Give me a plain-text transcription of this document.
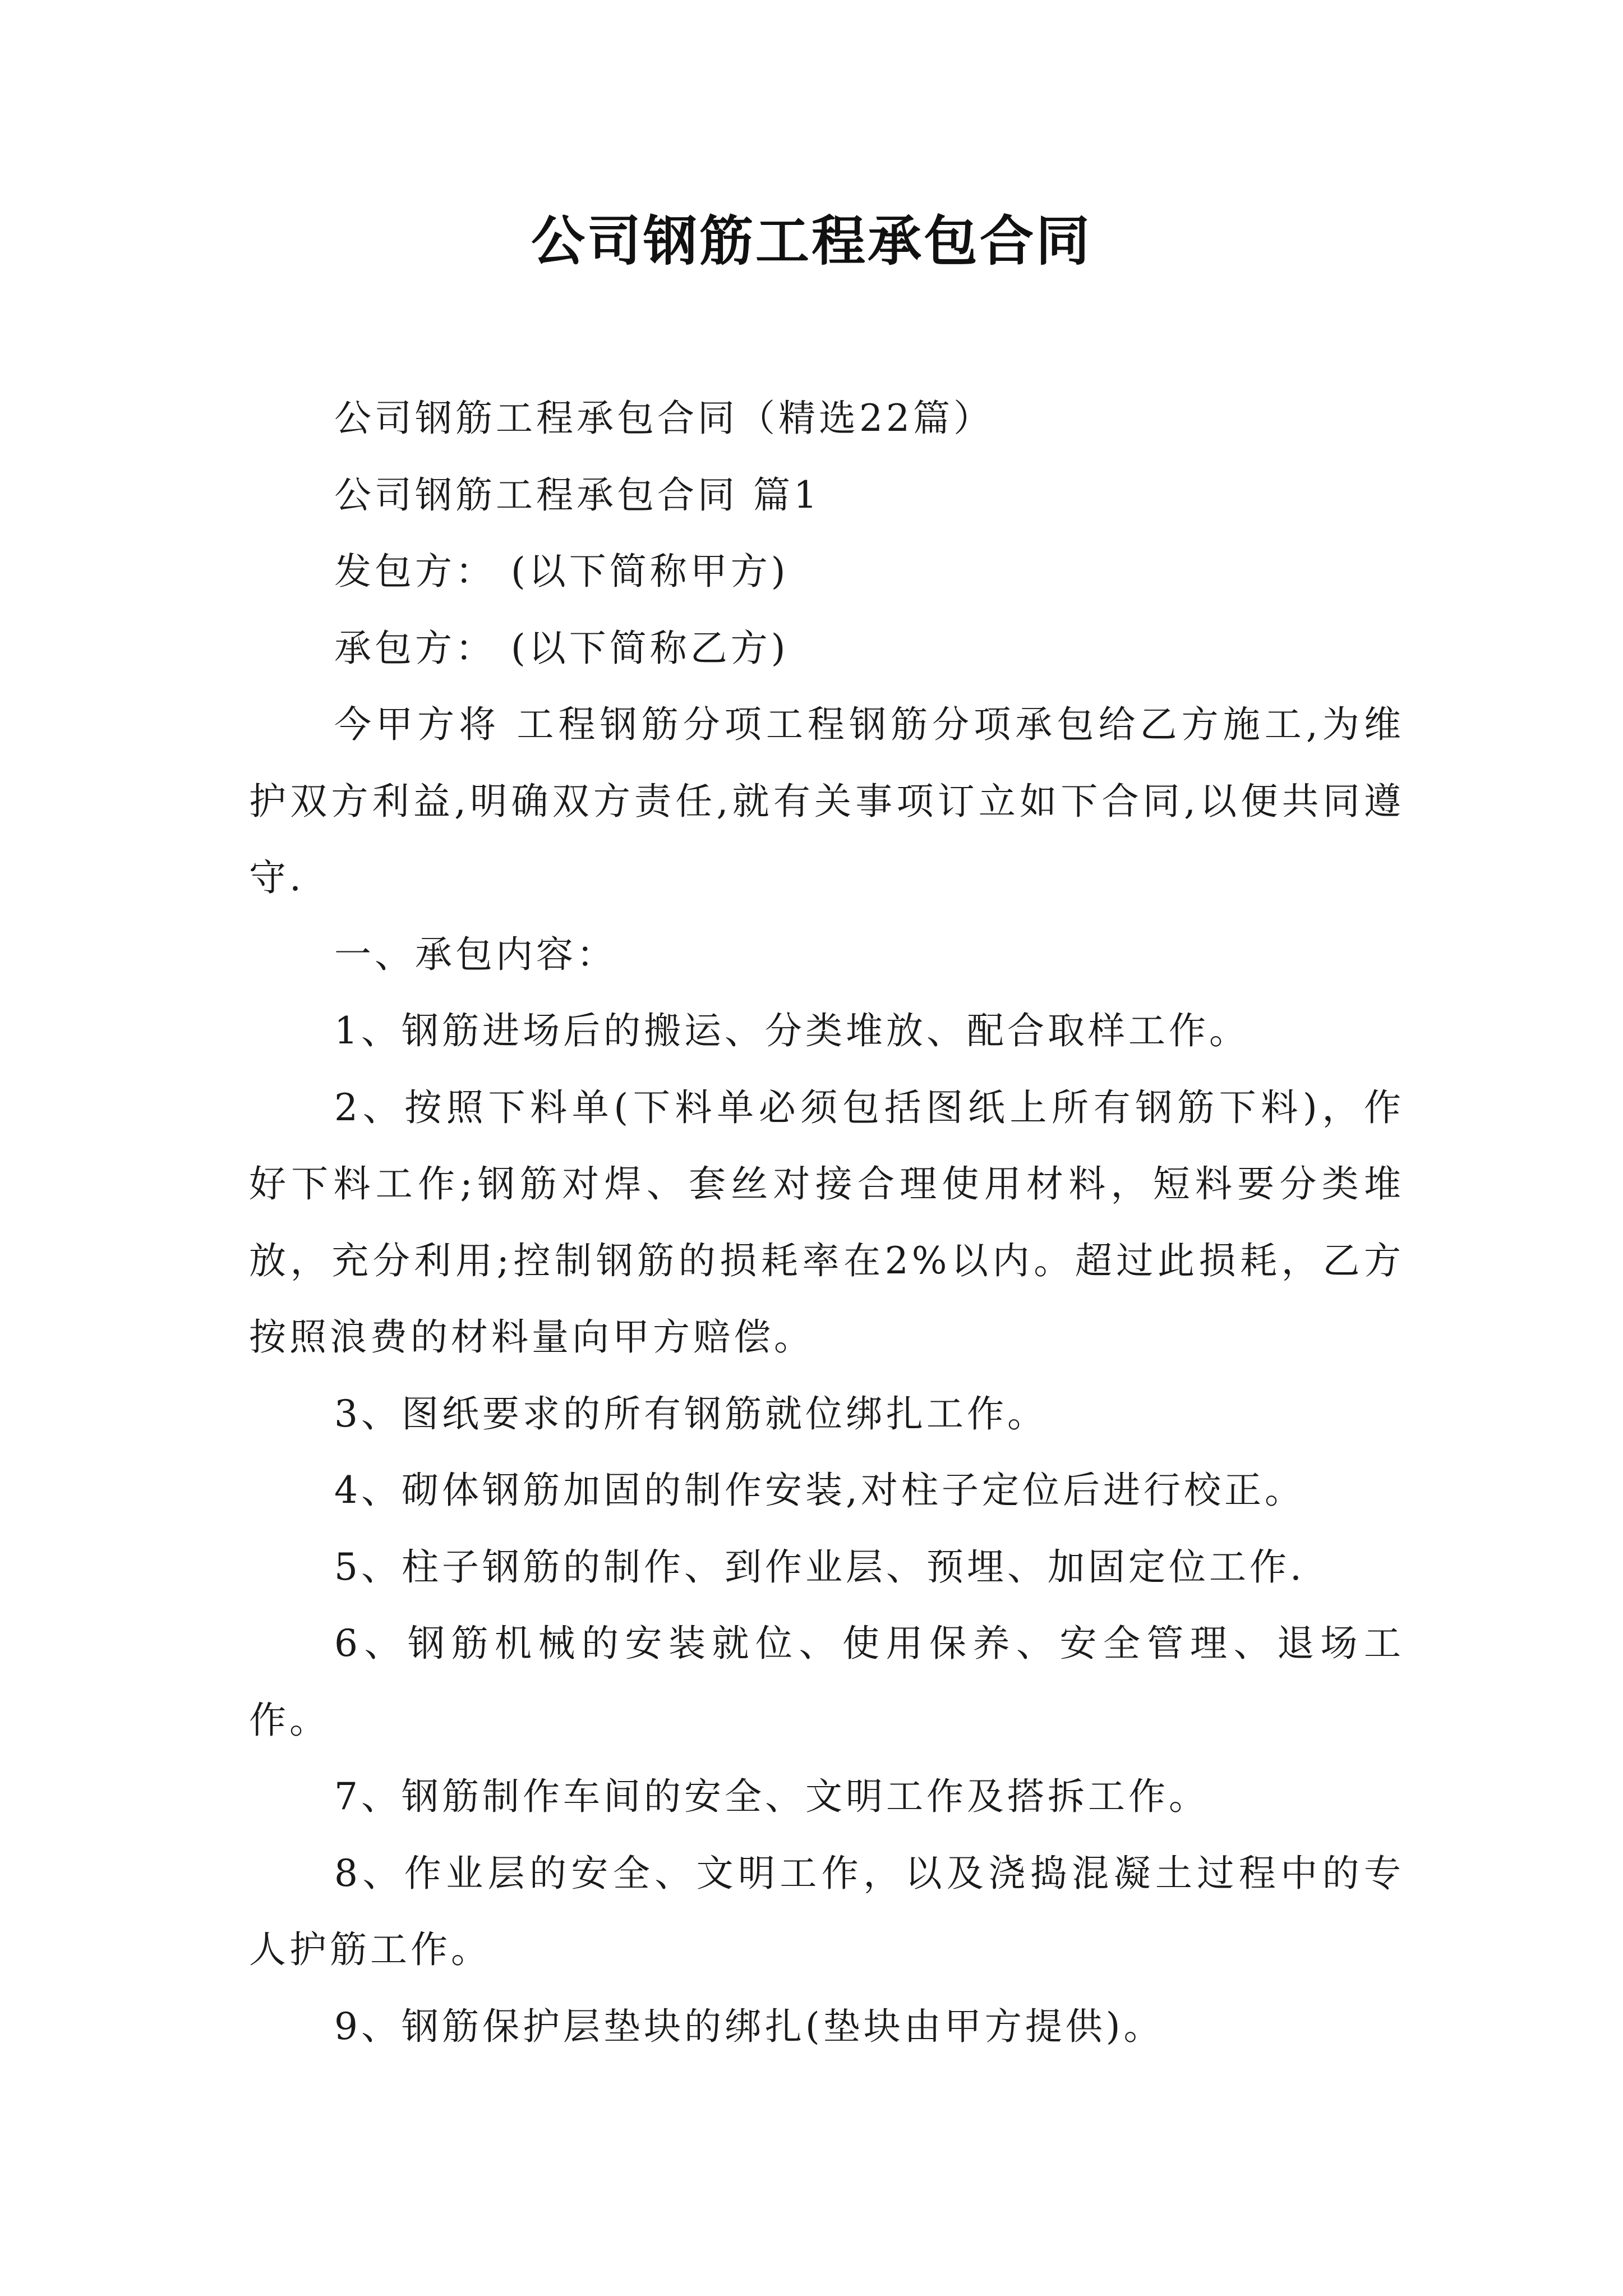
公司钢筋工程承包合同

公司钢筋工程承包合同（精选22篇）

公司钢筋工程承包合同 篇1

发包方： (以下简称甲方)

承包方： (以下简称乙方)

今甲方将 工程钢筋分项工程钢筋分项承包给乙方施工,为维护双方利益,明确双方责任,就有关事项订立如下合同,以便共同遵守.

一、承包内容：

1、钢筋进场后的搬运、分类堆放、配合取样工作。

2、按照下料单(下料单必须包括图纸上所有钢筋下料)，作好下料工作;钢筋对焊、套丝对接合理使用材料，短料要分类堆放，充分利用;控制钢筋的损耗率在2%以内。超过此损耗，乙方按照浪费的材料量向甲方赔偿。

3、图纸要求的所有钢筋就位绑扎工作。

4、砌体钢筋加固的制作安装,对柱子定位后进行校正。

5、柱子钢筋的制作、到作业层、预埋、加固定位工作.

6、钢筋机械的安装就位、使用保养、安全管理、退场工作。

7、钢筋制作车间的安全、文明工作及搭拆工作。

8、作业层的安全、文明工作，以及浇捣混凝土过程中的专人护筋工作。

9、钢筋保护层垫块的绑扎(垫块由甲方提供)。
